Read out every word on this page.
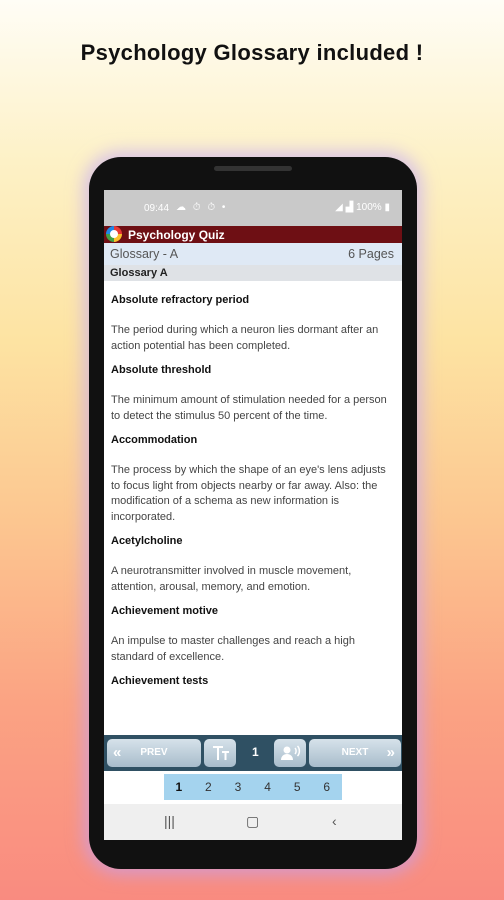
Psychology Glossary included !
09:44 ☁ ⏱ ⏱ •	◢ ▟ 100% ▮
Psychology Quiz
Glossary - A	6 Pages
Glossary A
Absolute refractory period
The period during which a neuron lies dormant after an action potential has been completed.
Absolute threshold
The minimum amount of stimulation needed for a person to detect the stimulus 50 percent of the time.
Accommodation
The process by which the shape of an eye's lens adjusts to focus light from objects nearby or far away. Also: the modification of a schema as new information is incorporated.
Acetylcholine
A neurotransmitter involved in muscle movement, attention, arousal, memory, and emotion.
Achievement motive
An impulse to master challenges and reach a high standard of excellence.
Achievement tests
«	PREV	1	NEXT	»
1	2	3	4	5	6
|||	▢	‹
